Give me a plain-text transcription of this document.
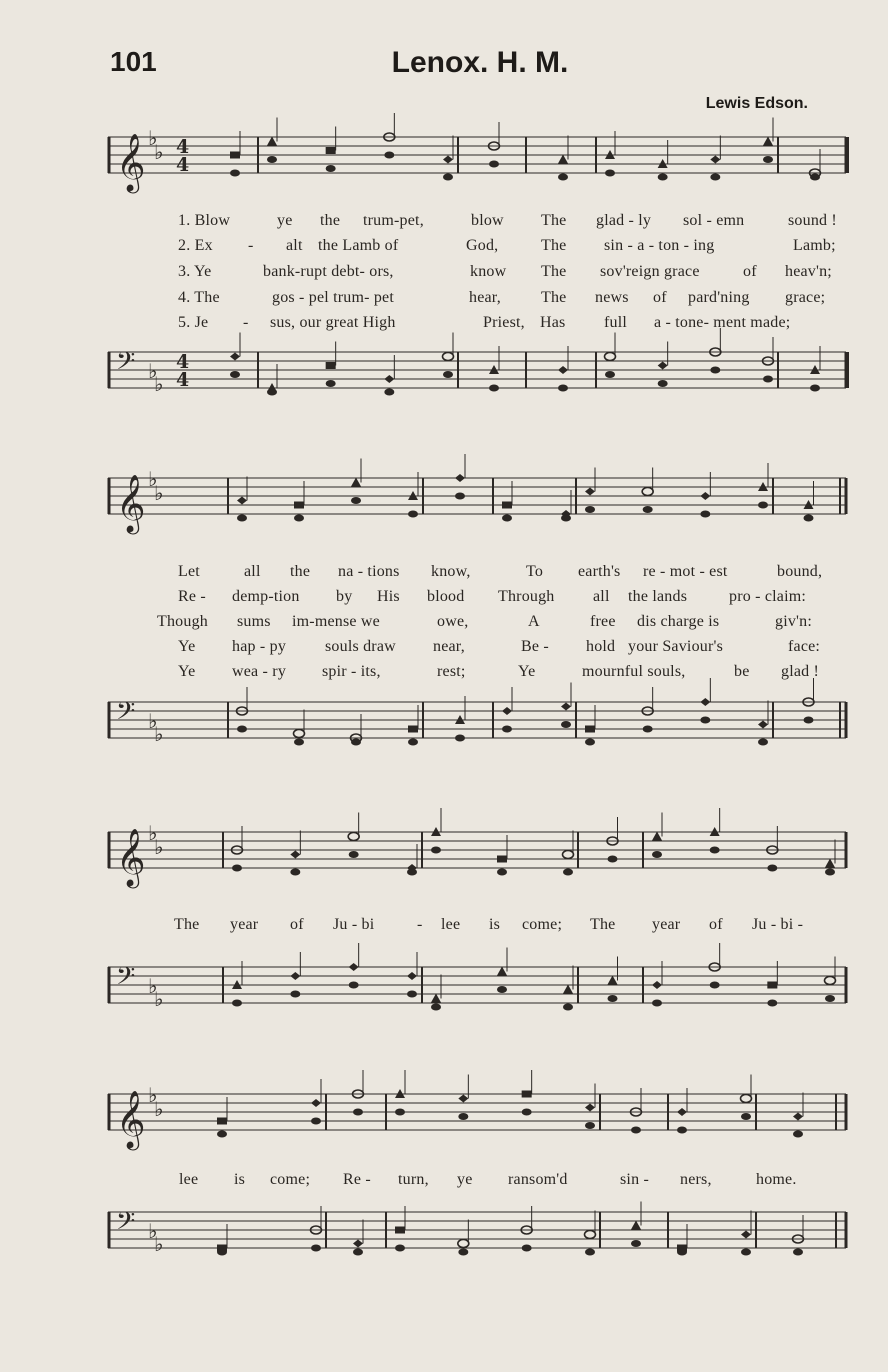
101	Lenox. H. M.
Lewis Edson.
𝄞 ♭
♭ 4
4
1. Blow	ye the trum-pet,	blow The glad - ly sol - emn	sound !
2. Ex - alt the Lamb of	God,	The sin - a - ton - ing	Lamb;
3. Ye	bank-rupt debt- ors,	know The sov'reign grace	of heav'n;
4. The	gos - pel trum- pet	hear,	The news of pard'ning grace;
5. Je - sus, our great High	Priest, Has full a - tone- ment made;
𝄢 ♭
♭
4
4
𝄞 ♭
♭
Let	all the na - tions know,	To earth's re - mot - est	bound,
Re - demp-tion by His blood Through all the lands	pro - claim:
Though sums im-mense we	owe,	A	free dis charge is	giv'n:
Ye hap - py souls draw near,	Be - hold your Saviour's	face:
Ye wea - ry spir - its,	rest;	Ye	mournful souls,	be glad !
𝄢 ♭
♭
𝄞 ♭
♭
The year of Ju - bi	- lee is come; The year of Ju - bi -
𝄢 ♭
♭
𝄞 ♭
♭
lee is come; Re - turn, ye ransom'd	sin - ners,	home.
𝄢 ♭
♭
